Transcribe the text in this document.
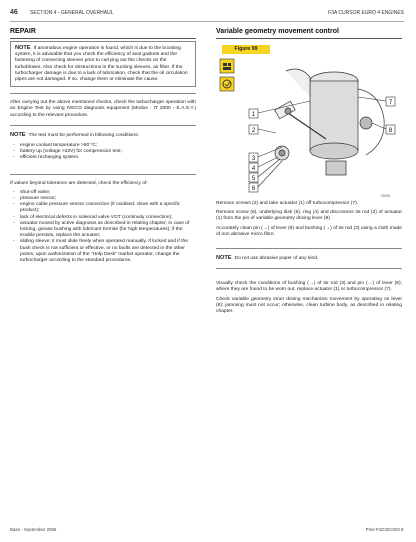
46 SECTION 4 - GENERAL OVERHAUL	F3A CURSOR EURO 4 ENGINES
REPAIR

NOTE If anomalous engine operation is found, which is due to the boosting system, it is advisable that you check the efficiency of seal gaskets and the fastening of connecting sleeves prior to carrying out the checks on the turboblower. Also check for obstructions in the sucking sleeves, air filter. If the turbocharger damage is due to a lack of lubrication, check that the oil circulation pipes are not damaged. If so, change them or eliminate the cause.

After carrying out the above mentioned checks, check the turbocharger operation with an Engine Test by using IVECO diagnosis equipment (Modus - IT 2000 - E.A.S.Y.) according to the relevant procedure.

NOTE The test must be performed in following conditions:

- engine coolant temperature >50 ºC;
- battery up (voltage >22V) for compression test;
- efficient recharging system.

If values beyond tolerance are detected, check the efficiency of:

- shut-off valve;
- pressure sensor;
- engine cable pressure sensor connection (if oxidised, clean with a specific product);
- lack of electrical defects in solenoid valve VGT (continuity connection);
- actuator moved by active diagnosis as described in relating chapter; in case of locking, grease bushing with lubricant Kernite (for high temperatures); if the trouble persists, replace the actuator;
- sliding sleeve; it must slide freely when operated manually. If locked and if the bush check is not sufficient or effective, or no faults are detected in the other points, upon authorization of the "Help Desk" market operator, change the turbocharger according to the standard procedures.
Variable geometry movement control
Figure 99
1
2
3
4
5
6
7
8
73005

Remove screws (2) and take actuator (1) off turbocompressor (7).

Remove screw (6), underlying disk (5), ring (4) and disconnect tie rod (3) of actuator (1) from the pin of variable geometry driving lever (8).

Accurately clean pin (→) of lever (8) and bushing (→) of tie rod (3) using a cloth made of non abrasive micro fibre.

NOTE Do not use abrasive paper of any kind.

Visually check the conditions of bushing (→) of tie rod (3) and pin (→) of lever (8); where they are found to be worn out, replace actuator (1) or turbocompressor (7).

Check variable geometry inner driving mechanism movement by operating on lever (8); jamming must not occur; otherwise, clean turbine body, as described in relating chapter.

Base - September 2006	Print P1D32C003 E
